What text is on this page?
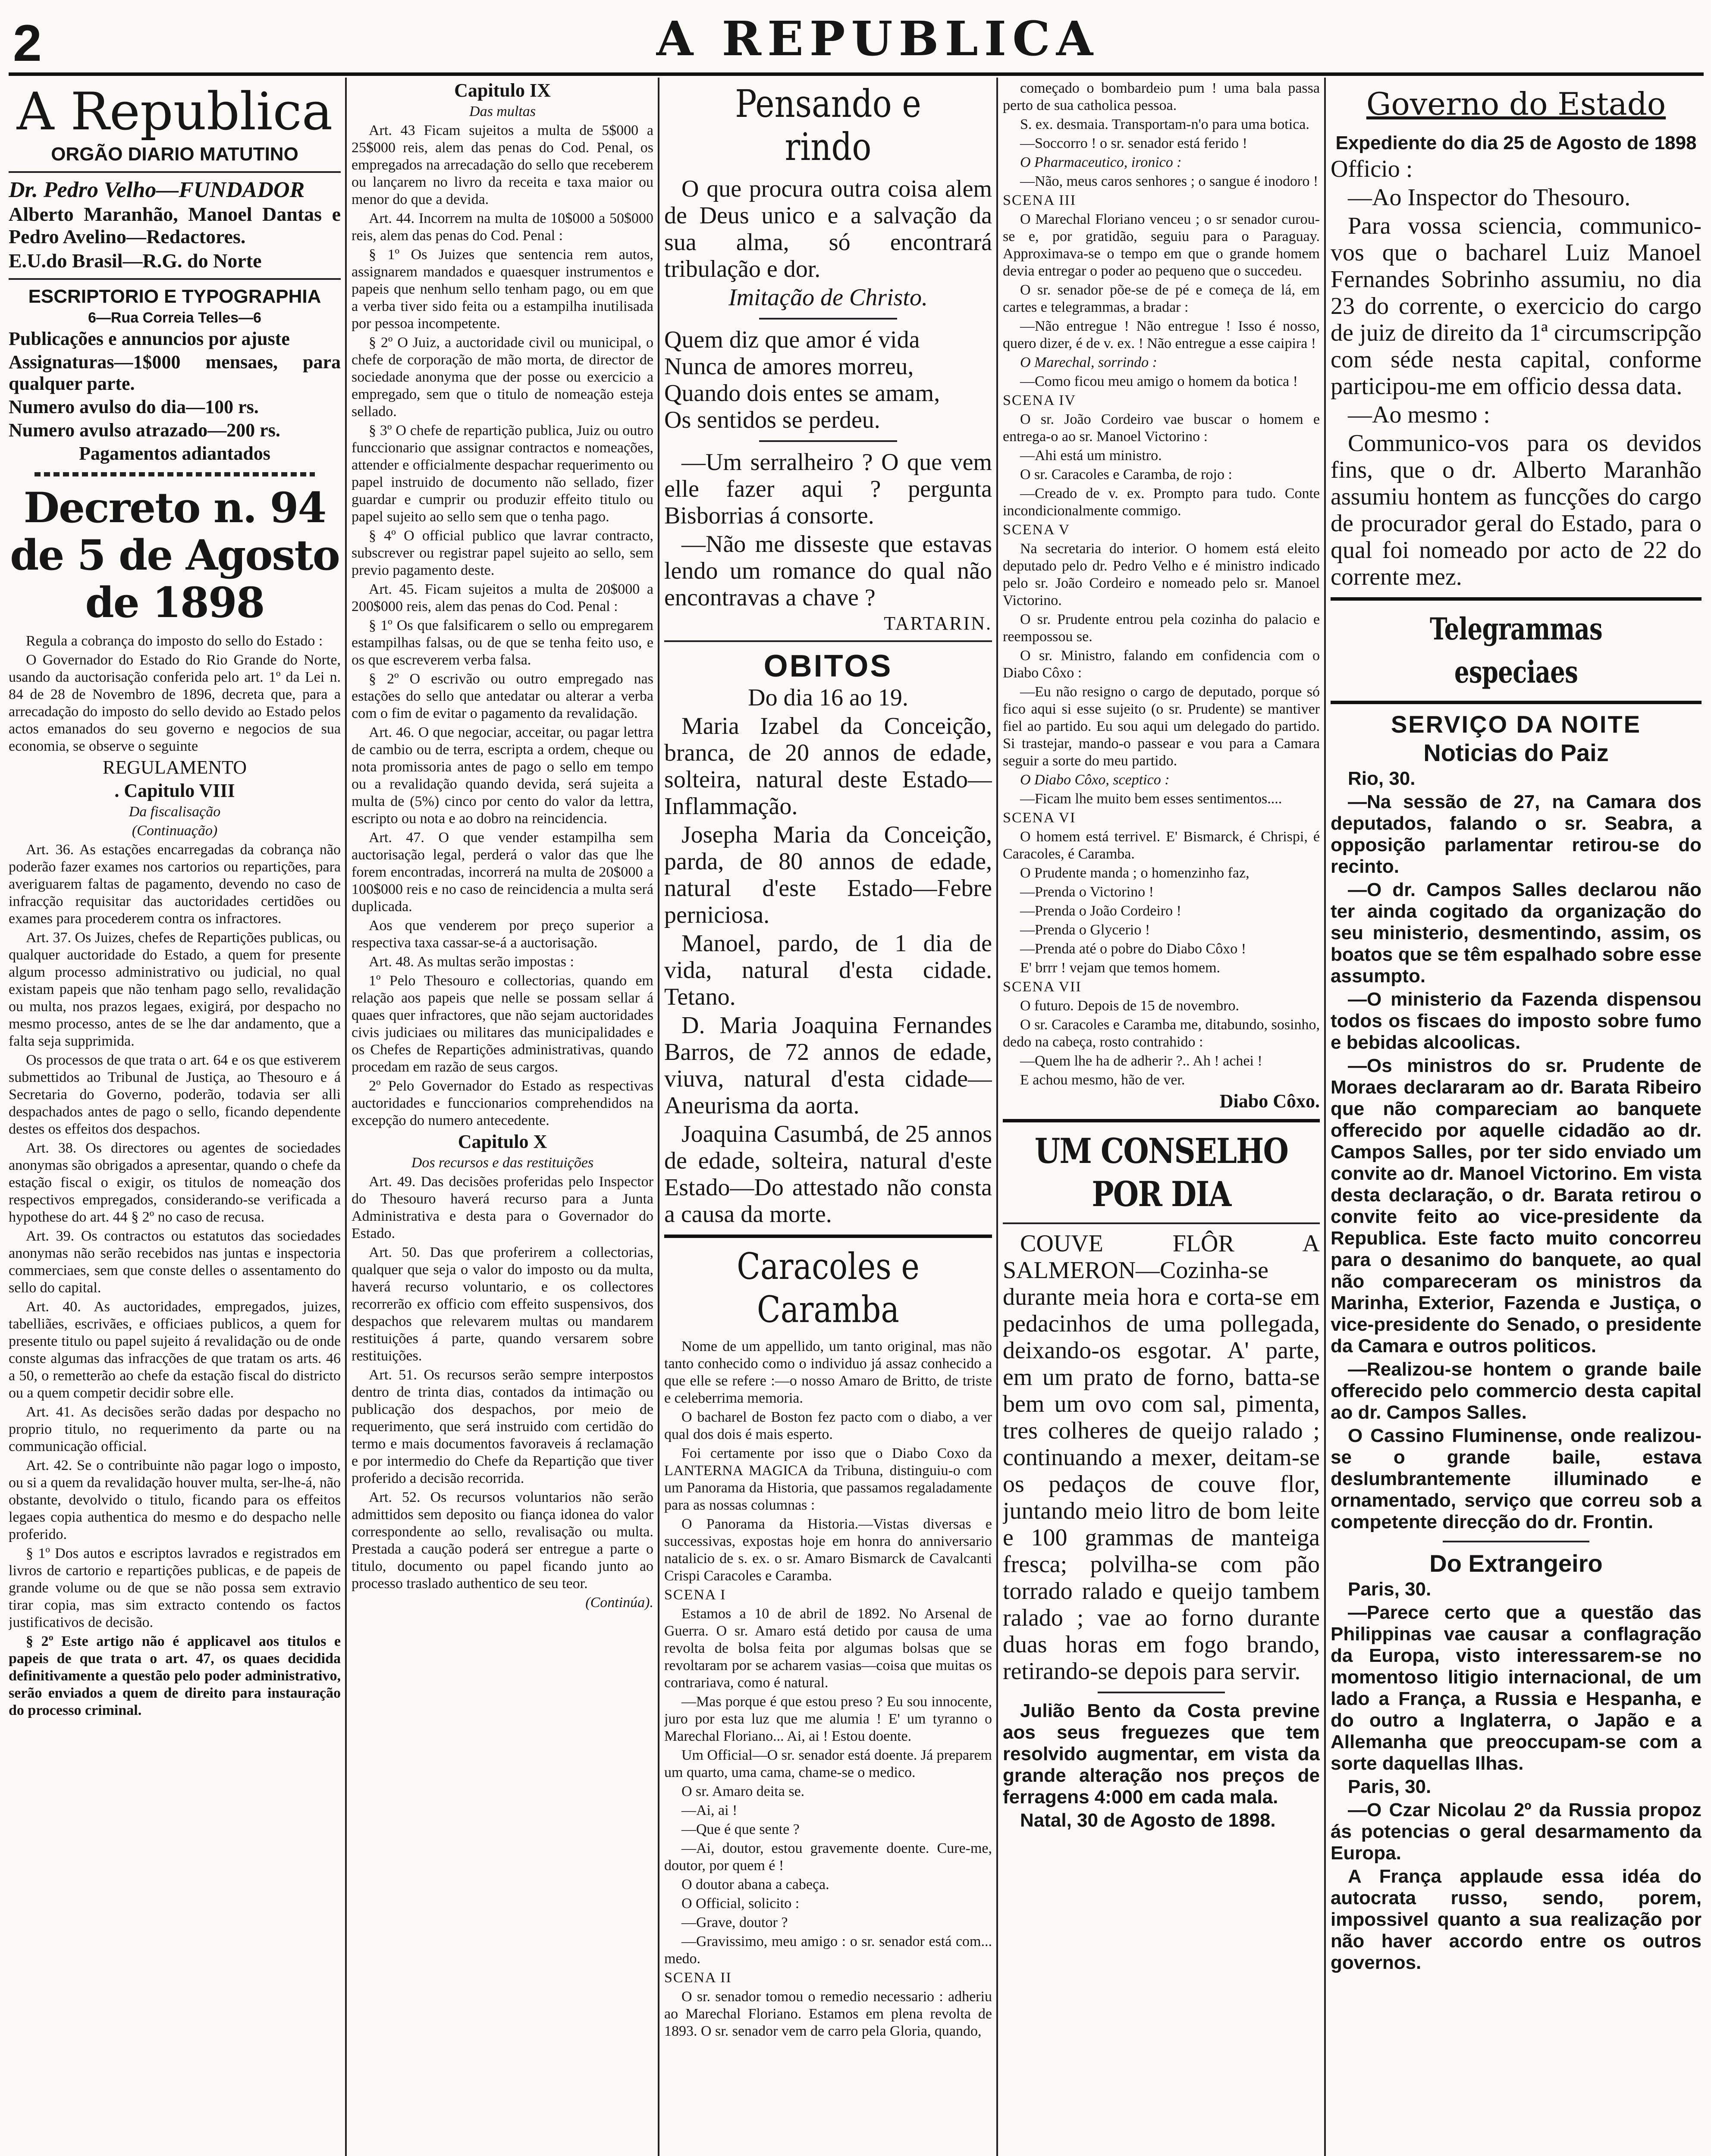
2	A REPUBLICA
A Republica
ORGÃO DIARIO MATUTINO

Dr. Pedro Velho—FUNDADOR

Alberto Maranhão, Manoel Dantas e Pedro Avelino—Redactores.

E.U.do Brasil—R.G. do Norte

ESCRIPTORIO E TYPOGRAPHIA

6—Rua Correia Telles—6

Publicações e annuncios por ajuste

Assignaturas—1$000 mensaes, para qualquer parte.

Numero avulso do dia—100 rs.

Numero avulso atrazado—200 rs.

Pagamentos adiantados

Decreto n. 94 de 5 de Agosto
de 1898

Regula a cobrança do imposto do sello do Estado :

O Governador do Estado do Rio Grande do Norte, usando da auctorisação conferida pelo art. 1º da Lei n. 84 de 28 de Novembro de 1896, decreta que, para a arrecadação do imposto do sello devido ao Estado pelos actos emanados do seu governo e negocios de sua economia, se observe o seguinte

REGULAMENTO

. Capitulo VIII

Da fiscalisação

(Continuação)

Art. 36. As estações encarregadas da cobrança não poderão fazer exames nos cartorios ou repartições, para averiguarem faltas de pagamento, devendo no caso de infracção requisitar das auctoridades certidões ou exames para procederem contra os infractores.

Art. 37. Os Juizes, chefes de Repartições publicas, ou qualquer auctoridade do Estado, a quem for presente algum processo administrativo ou judicial, no qual existam papeis que não tenham pago sello, revalidação ou multa, nos prazos legaes, exigirá, por despacho no mesmo processo, antes de se lhe dar andamento, que a falta seja supprimida.

Os processos de que trata o art. 64 e os que estiverem submettidos ao Tribunal de Justiça, ao Thesouro e á Secretaria do Governo, poderão, todavia ser alli despachados antes de pago o sello, ficando dependente destes os effeitos dos despachos.

Art. 38. Os directores ou agentes de sociedades anonymas são obrigados a apresentar, quando o chefe da estação fiscal o exigir, os titulos de nomeação dos respectivos empregados, considerando-se verificada a hypothese do art. 44 § 2º no caso de recusa.

Art. 39. Os contractos ou estatutos das sociedades anonymas não serão recebidos nas juntas e inspectoria commerciaes, sem que conste delles o assentamento do sello do capital.

Art. 40. As auctoridades, empregados, juizes, tabelliães, escrivães, e officiaes publicos, a quem for presente titulo ou papel sujeito á revalidação ou de onde conste algumas das infracções de que tratam os arts. 46 a 50, o remetterão ao chefe da estação fiscal do districto ou a quem competir decidir sobre elle.

Art. 41. As decisões serão dadas por despacho no proprio titulo, no requerimento da parte ou na communicação official.

Art. 42. Se o contribuinte não pagar logo o imposto, ou si a quem da revalidação houver multa, ser-lhe-á, não obstante, devolvido o titulo, ficando para os effeitos legaes copia authentica do mesmo e do despacho nelle proferido.

§ 1º Dos autos e escriptos lavrados e registrados em livros de cartorio e repartições publicas, e de papeis de grande volume ou de que se não possa sem extravio tirar copia, mas sim extracto contendo os factos justificativos de decisão.

§ 2º Este artigo não é applicavel aos titulos e papeis de que trata o art. 47, os quaes decidida definitivamente a questão pelo poder administrativo, serão enviados a quem de direito para instauração do processo criminal.

Capitulo IX

Das multas

Art. 43 Ficam sujeitos a multa de 5$000 a 25$000 reis, alem das penas do Cod. Penal, os empregados na arrecadação do sello que receberem ou lançarem no livro da receita e taxa maior ou menor do que a devida.

Art. 44. Incorrem na multa de 10$000 a 50$000 reis, alem das penas do Cod. Penal :

§ 1º Os Juizes que sentencia rem autos, assignarem mandados e quaesquer instrumentos e papeis que nenhum sello tenham pago, ou em que a verba tiver sido feita ou a estampilha inutilisada por pessoa incompetente.

§ 2º O Juiz, a auctoridade civil ou municipal, o chefe de corporação de mão morta, de director de sociedade anonyma que der posse ou exercicio a empregado, sem que o titulo de nomeação esteja sellado.

§ 3º O chefe de repartição publica, Juiz ou outro funccionario que assignar contractos e nomeações, attender e officialmente despachar requerimento ou papel instruido de documento não sellado, fizer guardar e cumprir ou produzir effeito titulo ou papel sujeito ao sello sem que o tenha pago.

§ 4º O official publico que lavrar contracto, subscrever ou registrar papel sujeito ao sello, sem previo pagamento deste.

Art. 45. Ficam sujeitos a multa de 20$000 a 200$000 reis, alem das penas do Cod. Penal :

§ 1º Os que falsificarem o sello ou empregarem estampilhas falsas, ou de que se tenha feito uso, e os que escreverem verba falsa.

§ 2º O escrivão ou outro empregado nas estações do sello que antedatar ou alterar a verba com o fim de evitar o pagamento da revalidação.

Art. 46. O que negociar, acceitar, ou pagar lettra de cambio ou de terra, escripta a ordem, cheque ou nota promissoria antes de pago o sello em tempo ou a revalidação quando devida, será sujeita a multa de (5%) cinco por cento do valor da lettra, escripto ou nota e ao dobro na reincidencia.

Art. 47. O que vender estampilha sem auctorisação legal, perderá o valor das que lhe forem encontradas, incorrerá na multa de 20$000 a 100$000 reis e no caso de reincidencia a multa será duplicada.

Aos que venderem por preço superior a respectiva taxa cassar-se-á a auctorisação.

Art. 48. As multas serão impostas :

1º Pelo Thesouro e collectorias, quando em relação aos papeis que nelle se possam sellar á quaes quer infractores, que não sejam auctoridades civis judiciaes ou militares das municipalidades e os Chefes de Repartições administrativas, quando procedam em razão de seus cargos.

2º Pelo Governador do Estado as respectivas auctoridades e funccionarios comprehendidos na excepção do numero antecedente.

Capitulo X

Dos recursos e das restituições

Art. 49. Das decisões proferidas pelo Inspector do Thesouro haverá recurso para a Junta Administrativa e desta para o Governador do Estado.

Art. 50. Das que proferirem a collectorias, qualquer que seja o valor do imposto ou da multa, haverá recurso voluntario, e os collectores recorrerão ex officio com effeito suspensivos, dos despachos que relevarem multas ou mandarem restituições á parte, quando versarem sobre restituições.

Art. 51. Os recursos serão sempre interpostos dentro de trinta dias, contados da intimação ou publicação dos despachos, por meio de requerimento, que será instruido com certidão do termo e mais documentos favoraveis á reclamação e por intermedio do Chefe da Repartição que tiver proferido a decisão recorrida.

Art. 52. Os recursos voluntarios não serão admittidos sem deposito ou fiança idonea do valor correspondente ao sello, revalisação ou multa. Prestada a caução poderá ser entregue a parte o titulo, documento ou papel ficando junto ao processo traslado authentico de seu teor.

(Continúa).

Pensando e rindo

O que procura outra coisa alem de Deus unico e a salvação da sua alma, só encontrará tribulação e dor.

Imitação de Christo.

Quem diz que amor é vida

Nunca de amores morreu,

Quando dois entes se amam,

Os sentidos se perdeu.

—Um serralheiro ? O que vem elle fazer aqui ? pergunta Bisborrias á consorte.

—Não me disseste que estavas lendo um romance do qual não encontravas a chave ?

TARTARIN.

OBITOS

Do dia 16 ao 19.

Maria Izabel da Conceição, branca, de 20 annos de edade, solteira, natural deste Estado—Inflammação.

Josepha Maria da Conceição, parda, de 80 annos de edade, natural d'este Estado—Febre perniciosa.

Manoel, pardo, de 1 dia de vida, natural d'esta cidade. Tetano.

D. Maria Joaquina Fernandes Barros, de 72 annos de edade, viuva, natural d'esta cidade—Aneurisma da aorta.

Joaquina Casumbá, de 25 annos de edade, solteira, natural d'este Estado—Do attestado não consta a causa da morte.

Caracoles e Caramba

Nome de um appellido, um tanto original, mas não tanto conhecido como o individuo já assaz conhecido a que elle se refere :—o nosso Amaro de Britto, de triste e celeberrima memoria.

O bacharel de Boston fez pacto com o diabo, a ver qual dos dois é mais esperto.

Foi certamente por isso que o Diabo Coxo da LANTERNA MAGICA da Tribuna, distinguiu-o com um Panorama da Historia, que passamos regaladamente para as nossas columnas :

O Panorama da Historia.—Vistas diversas e successivas, expostas hoje em honra do anniversario natalicio de s. ex. o sr. Amaro Bismarck de Cavalcanti Crispi Caracoles e Caramba.

SCENA I

Estamos a 10 de abril de 1892. No Arsenal de Guerra. O sr. Amaro está detido por causa de uma revolta de bolsa feita por algumas bolsas que se revoltaram por se acharem vasias—coisa que muitas os contrariava, como é natural.

—Mas porque é que estou preso ? Eu sou innocente, juro por esta luz que me alumia ! E' um tyranno o Marechal Floriano... Ai, ai ! Estou doente.

Um Official—O sr. senador está doente. Já preparem um quarto, uma cama, chame-se o medico.

O sr. Amaro deita se.

—Ai, ai !

—Que é que sente ?

—Ai, doutor, estou gravemente doente. Cure-me, doutor, por quem é !

O doutor abana a cabeça.

O Official, solicito :

—Grave, doutor ?

—Gravissimo, meu amigo : o sr. senador está com... medo.

SCENA II

O sr. senador tomou o remedio necessario : adheriu ao Marechal Floriano. Estamos em plena revolta de 1893. O sr. senador vem de carro pela Gloria, quando,

começado o bombardeio pum ! uma bala passa perto de sua catholica pessoa.

S. ex. desmaia. Transportam-n'o para uma botica.

—Soccorro ! o sr. senador está ferido !

O Pharmaceutico, ironico :

—Não, meus caros senhores ; o sangue é inodoro !

SCENA III

O Marechal Floriano venceu ; o sr senador curou-se e, por gratidão, seguiu para o Paraguay. Approximava-se o tempo em que o grande homem devia entregar o poder ao pequeno que o succedeu.

O sr. senador põe-se de pé e começa de lá, em cartes e telegrammas, a bradar :

—Não entregue ! Não entregue ! Isso é nosso, quero dizer, é de v. ex. ! Não entregue a esse caipira !

O Marechal, sorrindo :

—Como ficou meu amigo o homem da botica !

SCENA IV

O sr. João Cordeiro vae buscar o homem e entrega-o ao sr. Manoel Victorino :

—Ahi está um ministro.

O sr. Caracoles e Caramba, de rojo :

—Creado de v. ex. Prompto para tudo. Conte incondicionalmente commigo.

SCENA V

Na secretaria do interior. O homem está eleito deputado pelo dr. Pedro Velho e é ministro indicado pelo sr. João Cordeiro e nomeado pelo sr. Manoel Victorino.

O sr. Prudente entrou pela cozinha do palacio e reempossou se.

O sr. Ministro, falando em confidencia com o Diabo Côxo :

—Eu não resigno o cargo de deputado, porque só fico aqui si esse sujeito (o sr. Prudente) se mantiver fiel ao partido. Eu sou aqui um delegado do partido. Si trastejar, mando-o passear e vou para a Camara seguir a sorte do meu partido.

O Diabo Côxo, sceptico :

—Ficam lhe muito bem esses sentimentos....

SCENA VI

O homem está terrivel. E' Bismarck, é Chrispi, é Caracoles, é Caramba.

O Prudente manda ; o homenzinho faz,

—Prenda o Victorino !

—Prenda o João Cordeiro !

—Prenda o Glycerio !

—Prenda até o pobre do Diabo Côxo !

E' brrr ! vejam que temos homem.

SCENA VII

O futuro. Depois de 15 de novembro.

O sr. Caracoles e Caramba me, ditabundo, sosinho, dedo na cabeça, rosto contrahido :

—Quem lhe ha de adherir ?.. Ah ! achei !

E achou mesmo, hão de ver.

Diabo Côxo.

UM CONSELHO POR DIA

COUVE FLÔR A SALMERON—Cozinha-se durante meia hora e corta-se em pedacinhos de uma pollegada, deixando-os esgotar. A' parte, em um prato de forno, batta-se bem um ovo com sal, pimenta, tres colheres de queijo ralado ; continuando a mexer, deitam-se os pedaços de couve flor, juntando meio litro de bom leite e 100 grammas de manteiga fresca; polvilha-se com pão torrado ralado e queijo tambem ralado ; vae ao forno durante duas horas em fogo brando, retirando-se depois para servir.

Julião Bento da Costa previne aos seus freguezes que tem resolvido augmentar, em vista da grande alteração nos preços de ferragens 4:000 em cada mala.

Natal, 30 de Agosto de 1898.

Governo do Estado

Expediente do dia 25 de Agosto de 1898

Officio :

—Ao Inspector do Thesouro.

Para vossa sciencia, communico-vos que o bacharel Luiz Manoel Fernandes Sobrinho assumiu, no dia 23 do corrente, o exercicio do cargo de juiz de direito da 1ª circumscripção com séde nesta capital, conforme participou-me em officio dessa data.

—Ao mesmo :

Communico-vos para os devidos fins, que o dr. Alberto Maranhão assumiu hontem as funcções do cargo de procurador geral do Estado, para o qual foi nomeado por acto de 22 do corrente mez.

Telegrammas especiaes

SERVIÇO DA NOITE

Noticias do Paiz

Rio, 30.

—Na sessão de 27, na Camara dos deputados, falando o sr. Seabra, a opposição parlamentar retirou-se do recinto.

—O dr. Campos Salles declarou não ter ainda cogitado da organização do seu ministerio, desmentindo, assim, os boatos que se têm espalhado sobre esse assumpto.

—O ministerio da Fazenda dispensou todos os fiscaes do imposto sobre fumo e bebidas alcoolicas.

—Os ministros do sr. Prudente de Moraes declararam ao dr. Barata Ribeiro que não compareciam ao banquete offerecido por aquelle cidadão ao dr. Campos Salles, por ter sido enviado um convite ao dr. Manoel Victorino. Em vista desta declaração, o dr. Barata retirou o convite feito ao vice-presidente da Republica. Este facto muito concorreu para o desanimo do banquete, ao qual não compareceram os ministros da Marinha, Exterior, Fazenda e Justiça, o vice-presidente do Senado, o presidente da Camara e outros politicos.

—Realizou-se hontem o grande baile offerecido pelo commercio desta capital ao dr. Campos Salles.

O Cassino Fluminense, onde realizou-se o grande baile, estava deslumbrantemente illuminado e ornamentado, serviço que correu sob a competente direcção do dr. Frontin.

Do Extrangeiro

Paris, 30.

—Parece certo que a questão das Philippinas vae causar a conflagração da Europa, visto interessarem-se no momentoso litigio internacional, de um lado a França, a Russia e Hespanha, e do outro a Inglaterra, o Japão e a Allemanha que preoccupam-se com a sorte daquellas Ilhas.

Paris, 30.

—O Czar Nicolau 2º da Russia propoz ás potencias o geral desarmamento da Europa.

A França applaude essa idéa do autocrata russo, sendo, porem, impossivel quanto a sua realização por não haver accordo entre os outros governos.
